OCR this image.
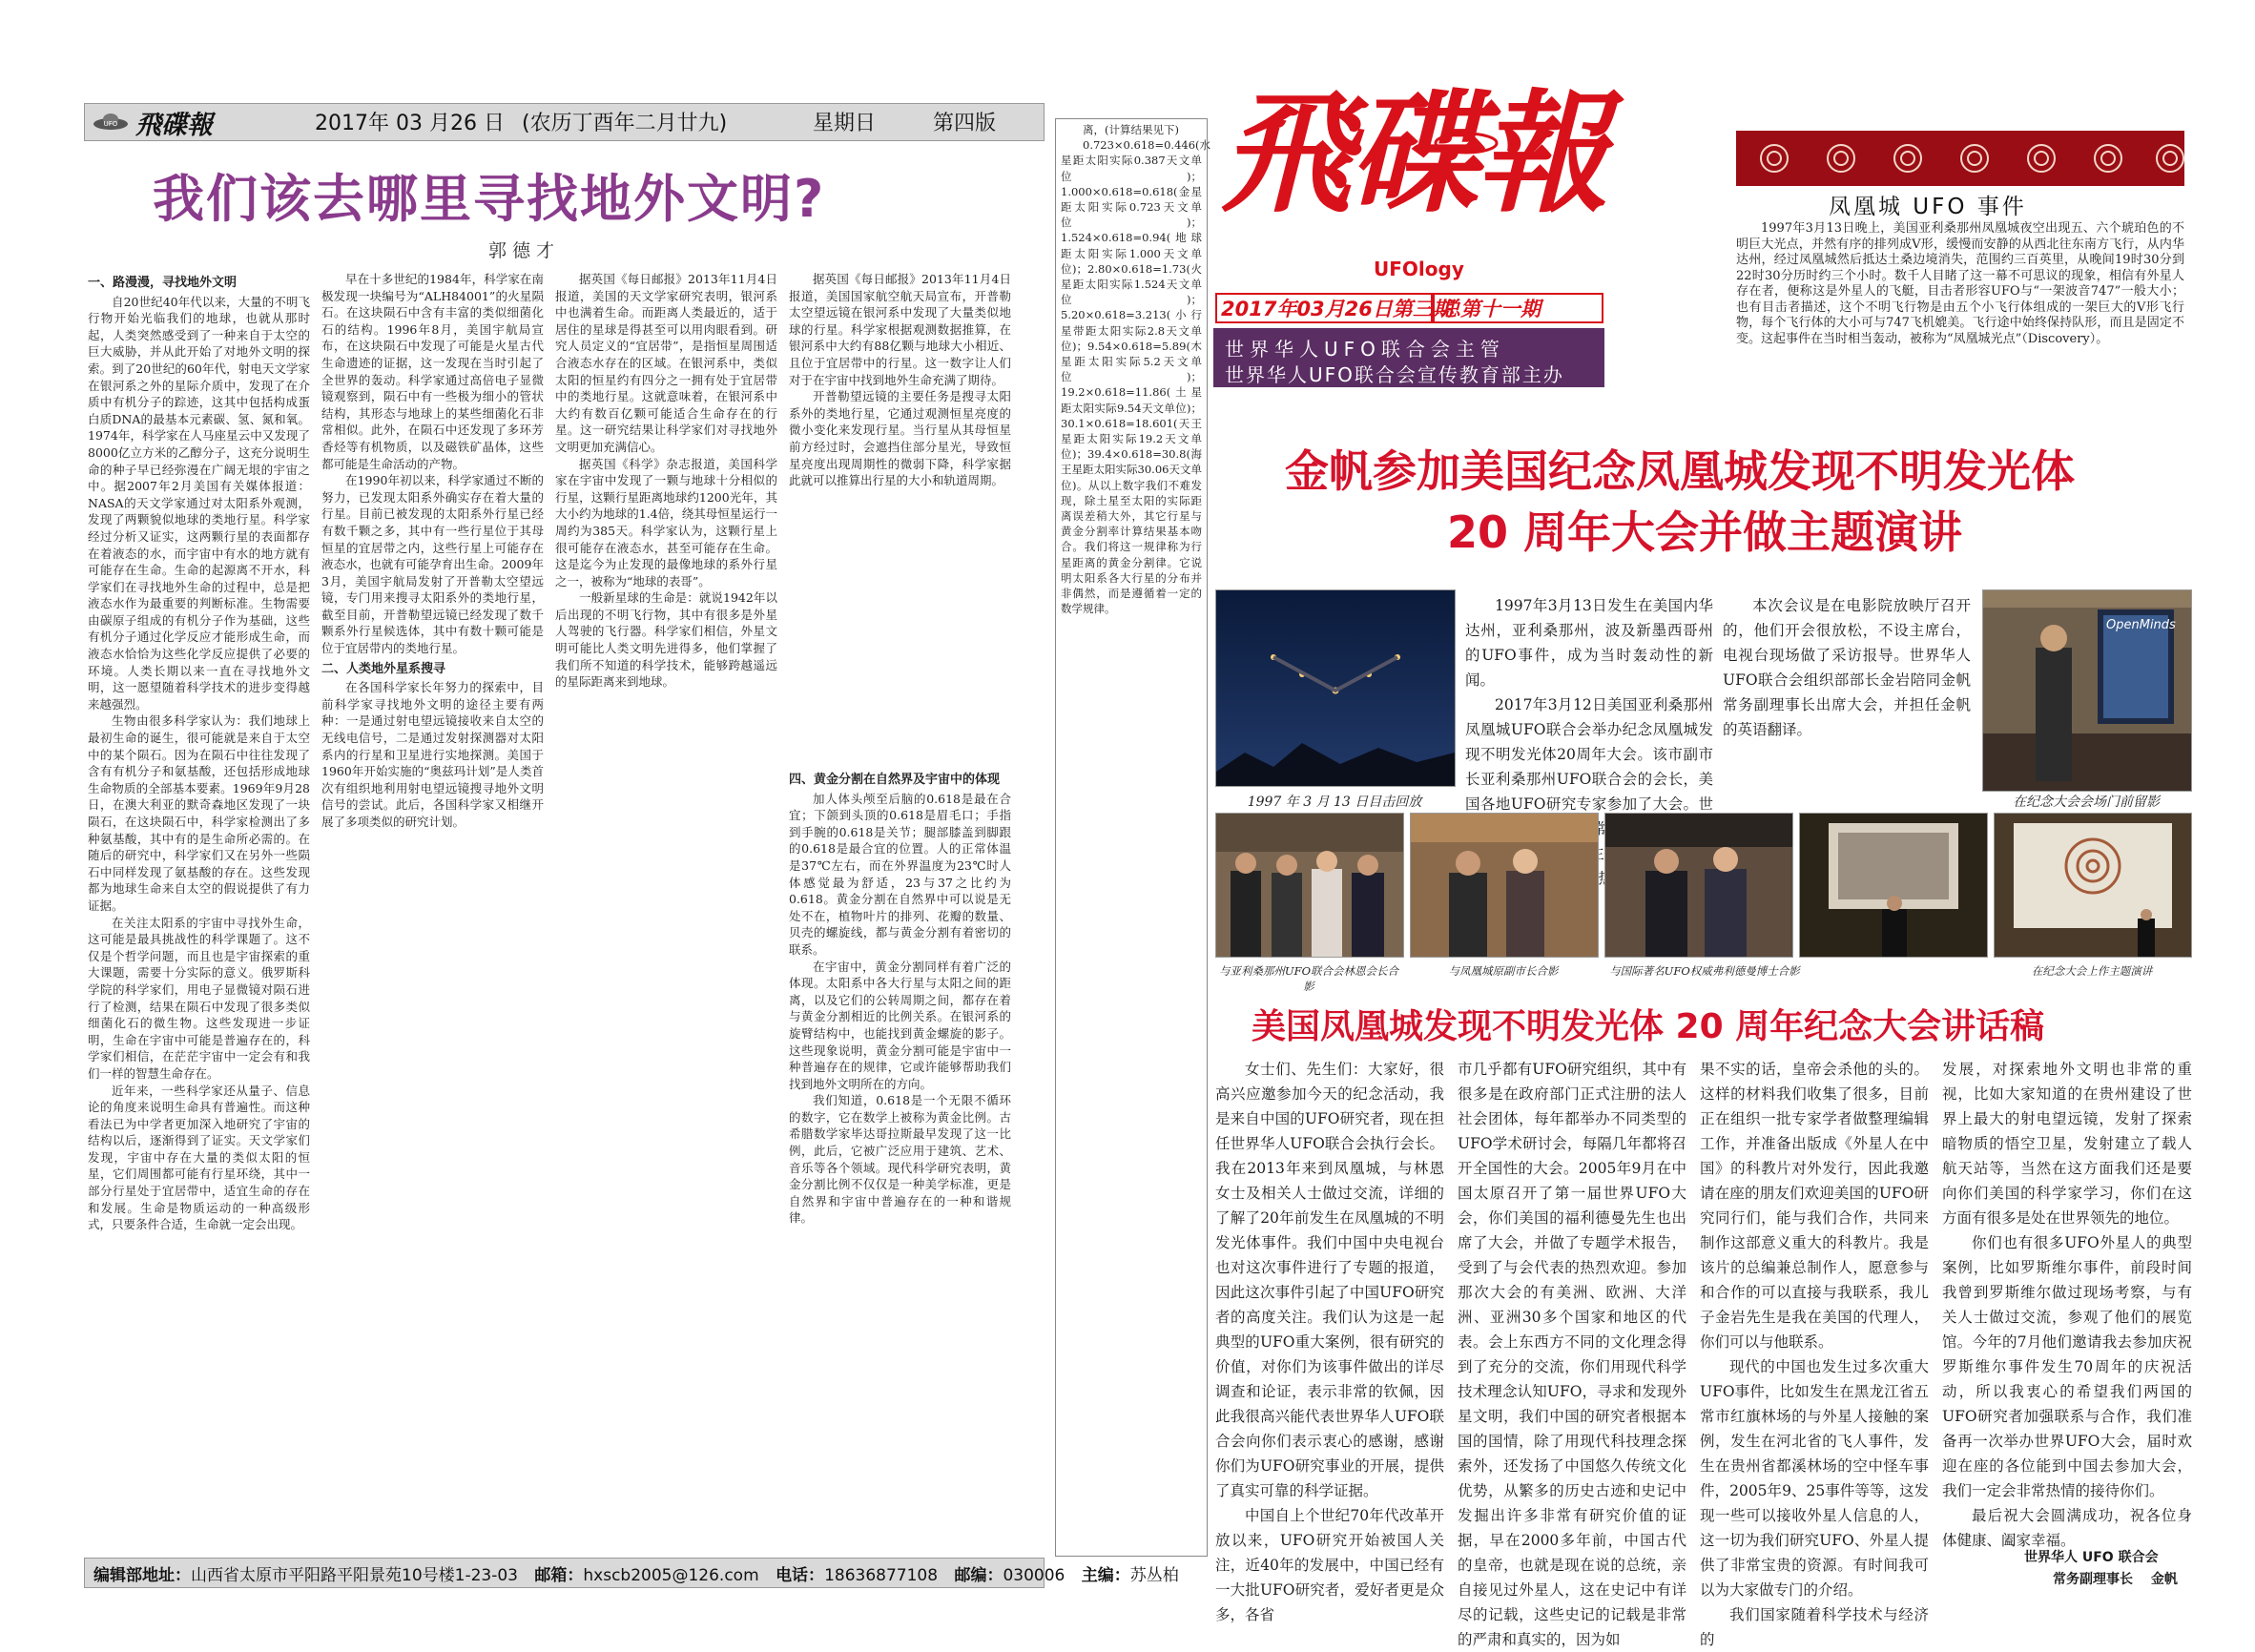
UFO 飛碟報	2017年 03 月26 日 (农历丁酉年二月廿九)	星期日	第四版
我们该去哪里寻找地外文明?
郭德才
一、路漫漫，寻找地外文明

自20世纪40年代以来，大量的不明飞行物开始光临我们的地球，也就从那时起，人类突然感受到了一种来自于太空的巨大威胁，并从此开始了对地外文明的探索。到了20世纪的60年代，射电天文学家在银河系之外的星际介质中，发现了在介质中有机分子的踪迹，这其中包括构成蛋白质DNA的最基本元素碳、氢、氮和氧。1974年，科学家在人马座星云中又发现了8000亿立方米的乙醇分子，这充分说明生命的种子早已经弥漫在广阔无垠的宇宙之中。据2007年2月美国有关媒体报道：NASA的天文学家通过对太阳系外观测，发现了两颗貌似地球的类地行星。科学家经过分析又证实，这两颗行星的表面都存在着液态的水，而宇宙中有水的地方就有可能存在生命。生命的起源离不开水，科学家们在寻找地外生命的过程中，总是把液态水作为最重要的判断标准。生物需要由碳原子组成的有机分子作为基础，这些有机分子通过化学反应才能形成生命，而液态水恰恰为这些化学反应提供了必要的环境。人类长期以来一直在寻找地外文明，这一愿望随着科学技术的进步变得越来越强烈。

生物由很多科学家认为：我们地球上最初生命的诞生，很可能就是来自于太空中的某个陨石。因为在陨石中往往发现了含有有机分子和氨基酸，还包括形成地球生命物质的全部基本要素。1969年9月28日，在澳大利亚的默奇森地区发现了一块陨石，在这块陨石中，科学家检测出了多种氨基酸，其中有的是生命所必需的。在随后的研究中，科学家们又在另外一些陨石中同样发现了氨基酸的存在。这些发现都为地球生命来自太空的假说提供了有力证据。

在关注太阳系的宇宙中寻找外生命，这可能是最具挑战性的科学课题了。这不仅是个哲学问题，而且也是宇宙探索的重大课题，需要十分实际的意义。俄罗斯科学院的科学家们，用电子显微镜对陨石进行了检测，结果在陨石中发现了很多类似细菌化石的微生物。这些发现进一步证明，生命在宇宙中可能是普遍存在的，科学家们相信，在茫茫宇宙中一定会有和我们一样的智慧生命存在。

近年来，一些科学家还从量子、信息论的角度来说明生命具有普遍性。而这种看法已为中学者更加深入地研究了宇宙的结构以后，逐渐得到了证实。天文学家们发现，宇宙中存在大量的类似太阳的恒星，它们周围都可能有行星环绕，其中一部分行星处于宜居带中，适宜生命的存在和发展。生命是物质运动的一种高级形式，只要条件合适，生命就一定会出现。

早在十多世纪的1984年，科学家在南极发现一块编号为“ALH84001”的火星陨石。在这块陨石中含有丰富的类似细菌化石的结构。1996年8月，美国宇航局宣布，在这块陨石中发现了可能是火星古代生命遗迹的证据，这一发现在当时引起了全世界的轰动。科学家通过高倍电子显微镜观察到，陨石中有一些极为细小的管状结构，其形态与地球上的某些细菌化石非常相似。此外，在陨石中还发现了多环芳香烃等有机物质，以及磁铁矿晶体，这些都可能是生命活动的产物。

在1990年初以来，科学家通过不断的努力，已发现太阳系外确实存在着大量的行星。目前已被发现的太阳系外行星已经有数千颗之多，其中有一些行星位于其母恒星的宜居带之内，这些行星上可能存在液态水，也就有可能孕育出生命。2009年3月，美国宇航局发射了开普勒太空望远镜，专门用来搜寻太阳系外的类地行星，截至目前，开普勒望远镜已经发现了数千颗系外行星候选体，其中有数十颗可能是位于宜居带内的类地行星。

二、人类地外星系搜寻

在各国科学家长年努力的探索中，目前科学家寻找地外文明的途径主要有两种：一是通过射电望远镜接收来自太空的无线电信号，二是通过发射探测器对太阳系内的行星和卫星进行实地探测。美国于1960年开始实施的“奥兹玛计划”是人类首次有组织地利用射电望远镜搜寻地外文明信号的尝试。此后，各国科学家又相继开展了多项类似的研究计划。

据英国《每日邮报》2013年11月4日报道，美国的天文学家研究表明，银河系中也满着生命。而距离人类最近的，适于居住的星球是得甚至可以用肉眼看到。研究人员定义的“宜居带”，是指恒星周围适合液态水存在的区域。在银河系中，类似太阳的恒星约有四分之一拥有处于宜居带中的类地行星。这就意味着，在银河系中大约有数百亿颗可能适合生命存在的行星。这一研究结果让科学家们对寻找地外文明更加充满信心。

据英国《科学》杂志报道，美国科学家在宇宙中发现了一颗与地球十分相似的行星，这颗行星距离地球约1200光年，其大小约为地球的1.4倍，绕其母恒星运行一周约为385天。科学家认为，这颗行星上很可能存在液态水，甚至可能存在生命。这是迄今为止发现的最像地球的系外行星之一，被称为“地球的表哥”。

一般新星球的生命是：就说1942年以后出现的不明飞行物，其中有很多是外星人驾驶的飞行器。科学家们相信，外星文明可能比人类文明先进得多，他们掌握了我们所不知道的科学技术，能够跨越遥远的星际距离来到地球。

据英国《每日邮报》2013年11月4日报道，美国国家航空航天局宣布，开普勒太空望远镜在银河系中发现了大量类似地球的行星。科学家根据观测数据推算，在银河系中大约有88亿颗与地球大小相近、且位于宜居带中的行星。这一数字让人们对于在宇宙中找到地外生命充满了期待。

开普勒望远镜的主要任务是搜寻太阳系外的类地行星，它通过观测恒星亮度的微小变化来发现行星。当行星从其母恒星前方经过时，会遮挡住部分星光，导致恒星亮度出现周期性的微弱下降，科学家据此就可以推算出行星的大小和轨道周期。

四、黄金分割在自然界及宇宙中的体现

加人体头颅至后脑的0.618是最在合宜；下颌到头顶的0.618是眉毛口；手指到手腕的0.618是关节；腿部膝盖到脚跟的0.618是最合宜的位置。人的正常体温是37℃左右，而在外界温度为23℃时人体感觉最为舒适，23与37之比约为0.618。黄金分割在自然界中可以说是无处不在，植物叶片的排列、花瓣的数量、贝壳的螺旋线，都与黄金分割有着密切的联系。

在宇宙中，黄金分割同样有着广泛的体现。太阳系中各大行星与太阳之间的距离，以及它们的公转周期之间，都存在着与黄金分割相近的比例关系。在银河系的旋臂结构中，也能找到黄金螺旋的影子。这些现象说明，黄金分割可能是宇宙中一种普遍存在的规律，它或许能够帮助我们找到地外文明所在的方向。

我们知道，0.618是一个无限不循环的数字，它在数学上被称为黄金比例。古希腊数学家毕达哥拉斯最早发现了这一比例，此后，它被广泛应用于建筑、艺术、音乐等各个领域。现代科学研究表明，黄金分割比例不仅仅是一种美学标准，更是自然界和宇宙中普遍存在的一种和谐规律。

离，(计算结果见下)

0.723×0.618=0.446(水星距太阳实际0.387天文单位)；1.000×0.618=0.618(金星距太阳实际0.723天文单位)；1.524×0.618=0.94(地球距太阳实际1.000天文单位)；2.80×0.618=1.73(火星距太阳实际1.524天文单位)；5.20×0.618=3.213(小行星带距太阳实际2.8天文单位)；9.54×0.618=5.89(木星距太阳实际5.2天文单位)；19.2×0.618=11.86(土星距太阳实际9.54天文单位)；30.1×0.618=18.601(天王星距太阳实际19.2天文单位)；39.4×0.618=30.8(海王星距太阳实际30.06天文单位)。从以上数字我们不难发现，除土星至太阳的实际距离误差稍大外，其它行星与黄金分割率计算结果基本吻合。我们将这一规律称为行星距离的黄金分割律。它说明太阳系各大行星的分布并非偶然，而是遵循着一定的数学规律。

编辑部地址：山西省太原市平阳路平阳景苑10号楼1-23-03 邮箱：hxscb2005@126.com 电话：18636877108 邮编：030006 主编：苏丛柏
飛碟報
UFOlogy
2017年03月26日第三期
总第十一期
世界华人UFO联合会主管
世界华人UFO联合会宣传教育部主办
凤凰城 UFO 事件
1997年3月13日晚上，美国亚利桑那州凤凰城夜空出现五、六个琥珀色的不明巨大光点，并然有序的排列成V形，缓慢而安静的从西北往东南方飞行，从内华达州，经过凤凰城然后抵达土桑边境消失，范围约三百英里，从晚间19时30分到22时30分历时约三个小时。数千人目睹了这一幕不可思议的现象，相信有外星人存在者，便称这是外星人的飞艇，目击者形容UFO与“一架波音747”一般大小；也有目击者描述，这个不明飞行物是由五个小飞行体组成的一架巨大的V形飞行物，每个飞行体的大小可与747飞机媲美。飞行途中始终保持队形，而且是固定不变。这起事件在当时相当轰动，被称为“凤凰城光点”（Discovery）。
金帆参加美国纪念凤凰城发现不明发光体
20 周年大会并做主题演讲
1997 年 3 月 13 日目击回放

1997年3月13日发生在美国内华达州，亚利桑那州，波及新墨西哥州的UFO事件，成为当时轰动性的新闻。

2017年3月12日美国亚利桑那州凤凰城UFO联合会举办纪念凤凰城发现不明发光体20周年大会。该市副市长亚利桑那州UFO联合会的会长，美国各地UFO研究专家参加了大会。世 O联合会常务副理事 会并做主题演讲，

本次会议是在电影院放映厅召开的，他们开会很放松，不设主席台，电视台现场做了采访报导。世界华人UFO联合会组织部部长金岩陪同金帆常务副理事长出席大会，并担任金帆的英语翻译。

OpenMinds
在纪念大会会场门前留影
与亚利桑那州UFO联合会林恩会长合影
与凤凰城原副市长合影	与国际著名UFO权威弗利德曼博士合影	在纪念大会上作主题演讲
美国凤凰城发现不明发光体 20 周年纪念大会讲话稿

女士们、先生们：大家好，很高兴应邀参加今天的纪念活动，我是来自中国的UFO研究者，现在担任世界华人UFO联合会执行会长。我在2013年来到凤凰城，与林恩女士及相关人士做过交流，详细的了解了20年前发生在凤凰城的不明发光体事件。我们中国中央电视台也对这次事件进行了专题的报道，因此这次事件引起了中国UFO研究者的高度关注。我们认为这是一起典型的UFO重大案例，很有研究的价值，对你们为该事件做出的详尽调查和论证，表示非常的钦佩，因此我很高兴能代表世界华人UFO联合会向你们表示衷心的感谢，感谢你们为UFO研究事业的开展，提供了真实可靠的科学证据。

中国自上个世纪70年代改革开放以来，UFO研究开始被国人关注，近40年的发展中，中国已经有一大批UFO研究者，爱好者更是众多，各省

市几乎都有UFO研究组织，其中有很多是在政府部门正式注册的法人社会团体，每年都举办不同类型的UFO学术研讨会，每隔几年都将召开全国性的大会。2005年9月在中国太原召开了第一届世界UFO大会，你们美国的福利德曼先生也出席了大会，并做了专题学术报告，受到了与会代表的热烈欢迎。参加那次大会的有美洲、欧洲、大洋洲、亚洲30多个国家和地区的代表。会上东西方不同的文化理念得到了充分的交流，你们用现代科学技术理念认知UFO，寻求和发现外星文明，我们中国的研究者根据本国的国情，除了用现代科技理念探索外，还发扬了中国悠久传统文化优势，从繁多的历史古迹和史记中发掘出许多非常有研究价值的证据，早在2000多年前，中国古代的皇帝，也就是现在说的总统，亲自接见过外星人，这在史记中有详尽的记载，这些史记的记载是非常的严肃和真实的，因为如

果不实的话，皇帝会杀他的头的。这样的材料我们收集了很多，目前正在组织一批专家学者做整理编辑工作，并准备出版成《外星人在中国》的科教片对外发行，因此我邀请在座的朋友们欢迎美国的UFO研究同行们，能与我们合作，共同来制作这部意义重大的科教片。我是该片的总编兼总制作人，愿意参与和合作的可以直接与我联系，我儿子金岩先生是我在美国的代理人，你们可以与他联系。

现代的中国也发生过多次重大UFO事件，比如发生在黑龙江省五常市红旗林场的与外星人接触的案例，发生在河北省的飞人事件，发生在贵州省都溪林场的空中怪车事件，2005年9、25事件等等，这发现一些可以接收外星人信息的人，这一切为我们研究UFO、外星人提供了非常宝贵的资源。有时间我可以为大家做专门的介绍。

我们国家随着科学技术与经济的

发展，对探索地外文明也非常的重视，比如大家知道的在贵州建设了世界上最大的射电望远镜，发射了探索暗物质的悟空卫星，发射建立了载人航天站等，当然在这方面我们还是要向你们美国的科学家学习，你们在这方面有很多是处在世界领先的地位。

你们也有很多UFO外星人的典型案例，比如罗斯维尔事件，前段时间我曾到罗斯维尔做过现场考察，与有关人士做过交流，参观了他们的展览馆。今年的7月他们邀请我去参加庆祝罗斯维尔事件发生70周年的庆祝活动，所以我衷心的希望我们两国的UFO研究者加强联系与合作，我们准备再一次举办世界UFO大会，届时欢迎在座的各位能到中国去参加大会，我们一定会非常热情的接待你们。

最后祝大会圆满成功，祝各位身体健康、阖家幸福。

世界华人 UFO 联合会
常务副理事长 金帆
